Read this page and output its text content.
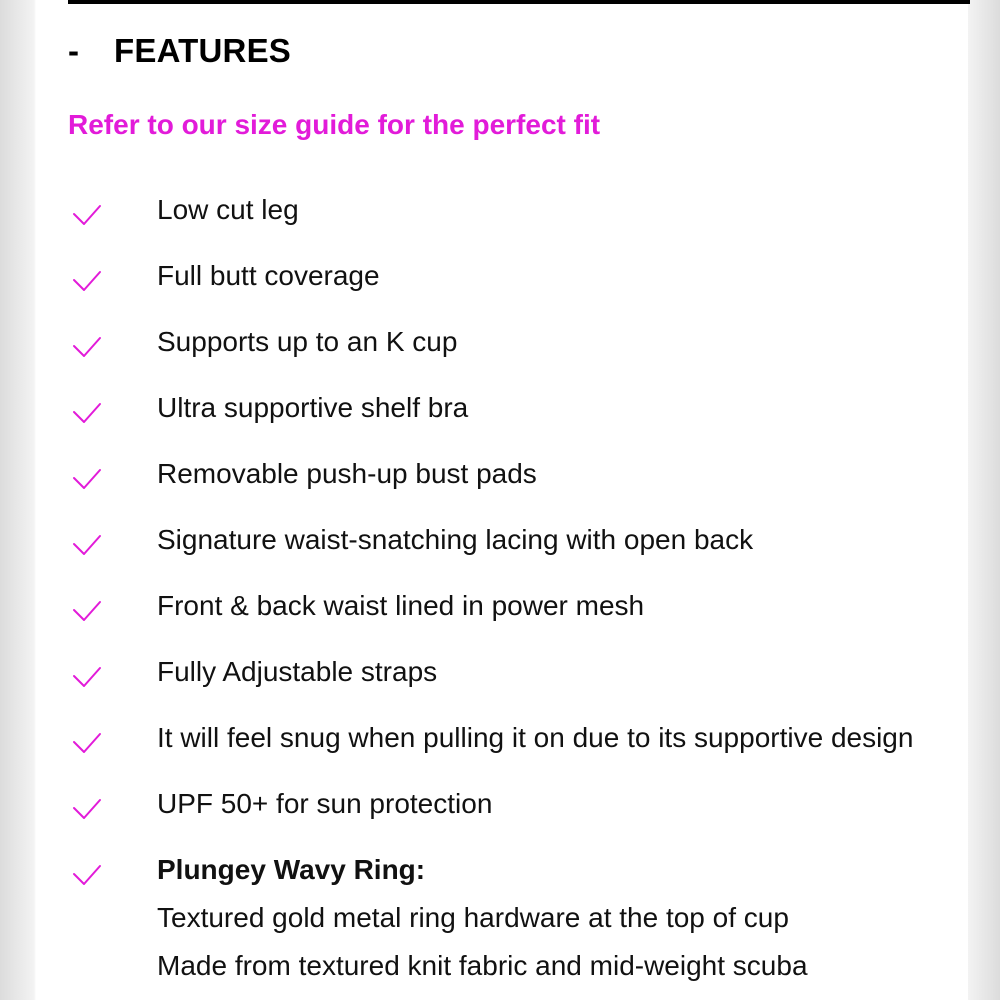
-	FEATURES
Refer to our size guide for the perfect fit
Low cut leg
Full butt coverage
Supports up to an K cup
Ultra supportive shelf bra
Removable push-up bust pads
Signature waist-snatching lacing with open back
Front & back waist lined in power mesh
Fully Adjustable straps
It will feel snug when pulling it on due to its supportive design
UPF 50+ for sun protection
Plungey Wavy Ring:
Textured gold metal ring hardware at the top of cup
Made from textured knit fabric and mid-weight scuba
